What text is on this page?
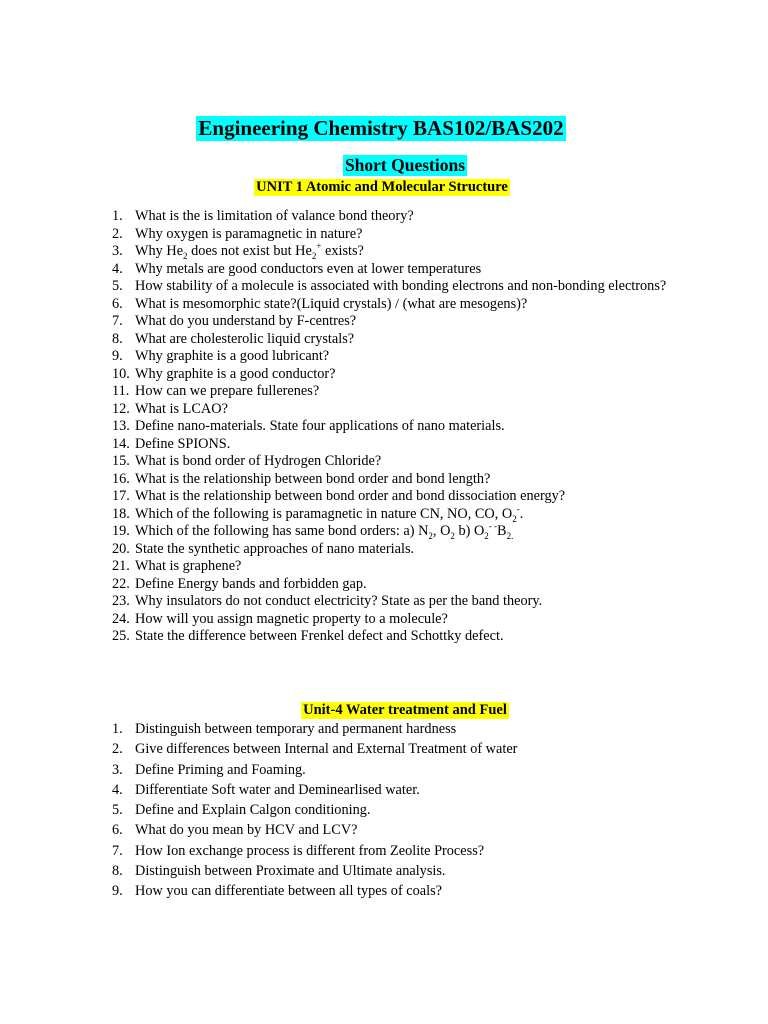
Engineering Chemistry BAS102/BAS202
Short Questions
UNIT 1 Atomic and Molecular Structure
1. What is the is limitation of valance bond theory?
2. Why oxygen is paramagnetic in nature?
3. Why $He_2$ does not exist but $He_2^+$ exists?
4. Why metals are good conductors even at lower temperatures
5. How stability of a molecule is associated with bonding electrons and non-bonding electrons?
6. What is mesomorphic state?(Liquid crystals) / (what are mesogens)?
7. What do you understand by F-centres?
8. What are cholesterolic liquid crystals?
9. Why graphite is a good lubricant?
10. Why graphite is a good conductor?
11. How can we prepare fullerenes?
12. What is LCAO?
13. Define nano-materials. State four applications of nano materials.
14. Define SPIONS.
15. What is bond order of Hydrogen Chloride?
16. What is the relationship between bond order and bond length?
17. What is the relationship between bond order and bond dissociation energy?
18. Which of the following is paramagnetic in nature CN, NO, CO, $O_2^-$.
19. Which of the following has same bond orders: a) $N_2$, $O_2$ b) $O_2^{- -}B_{2.}$
20. State the synthetic approaches of nano materials.
21. What is graphene?
22. Define Energy bands and forbidden gap.
23. Why insulators do not conduct electricity? State as per the band theory.
24. How will you assign magnetic property to a molecule?
25. State the difference between Frenkel defect and Schottky defect.
Unit-4 Water treatment and Fuel
1. Distinguish between temporary and permanent hardness
2. Give differences between Internal and External Treatment of water
3. Define Priming and Foaming.
4. Differentiate Soft water and Deminearlised water.
5. Define and Explain Calgon conditioning.
6. What do you mean by HCV and LCV?
7. How Ion exchange process is different from Zeolite Process?
8. Distinguish between Proximate and Ultimate analysis.
9. How you can differentiate between all types of coals?
